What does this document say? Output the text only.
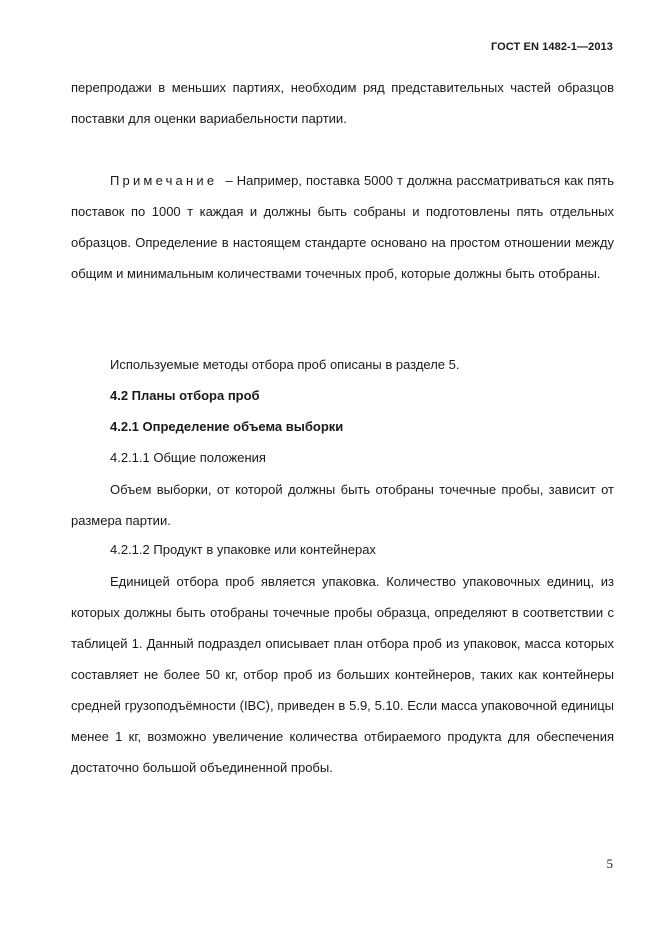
ГОСТ EN 1482-1—2013
перепродажи в меньших партиях, необходим ряд представительных частей образцов поставки для оценки вариабельности партии.
Примечание – Например, поставка 5000 т должна рассматриваться как пять поставок по 1000 т каждая и должны быть собраны и подготовлены пять отдельных образцов. Определение в настоящем стандарте основано на простом отношении между общим и минимальным количествами точечных проб, которые должны быть отобраны.
Используемые методы отбора проб описаны в разделе 5.
4.2 Планы отбора проб
4.2.1 Определение объема выборки
4.2.1.1 Общие положения
Объем выборки, от которой должны быть отобраны точечные пробы, зависит от размера партии.
4.2.1.2 Продукт в упаковке или контейнерах
Единицей отбора проб является упаковка. Количество упаковочных единиц, из которых должны быть отобраны точечные пробы образца, определяют в соответствии с таблицей 1. Данный подраздел описывает план отбора проб из упаковок, масса которых составляет не более 50 кг, отбор проб из больших контейнеров, таких как контейнеры средней грузоподъёмности (IBC), приведен в 5.9, 5.10. Если масса упаковочной единицы менее 1 кг, возможно увеличение количества отбираемого продукта для обеспечения достаточно большой объединенной пробы.
5
